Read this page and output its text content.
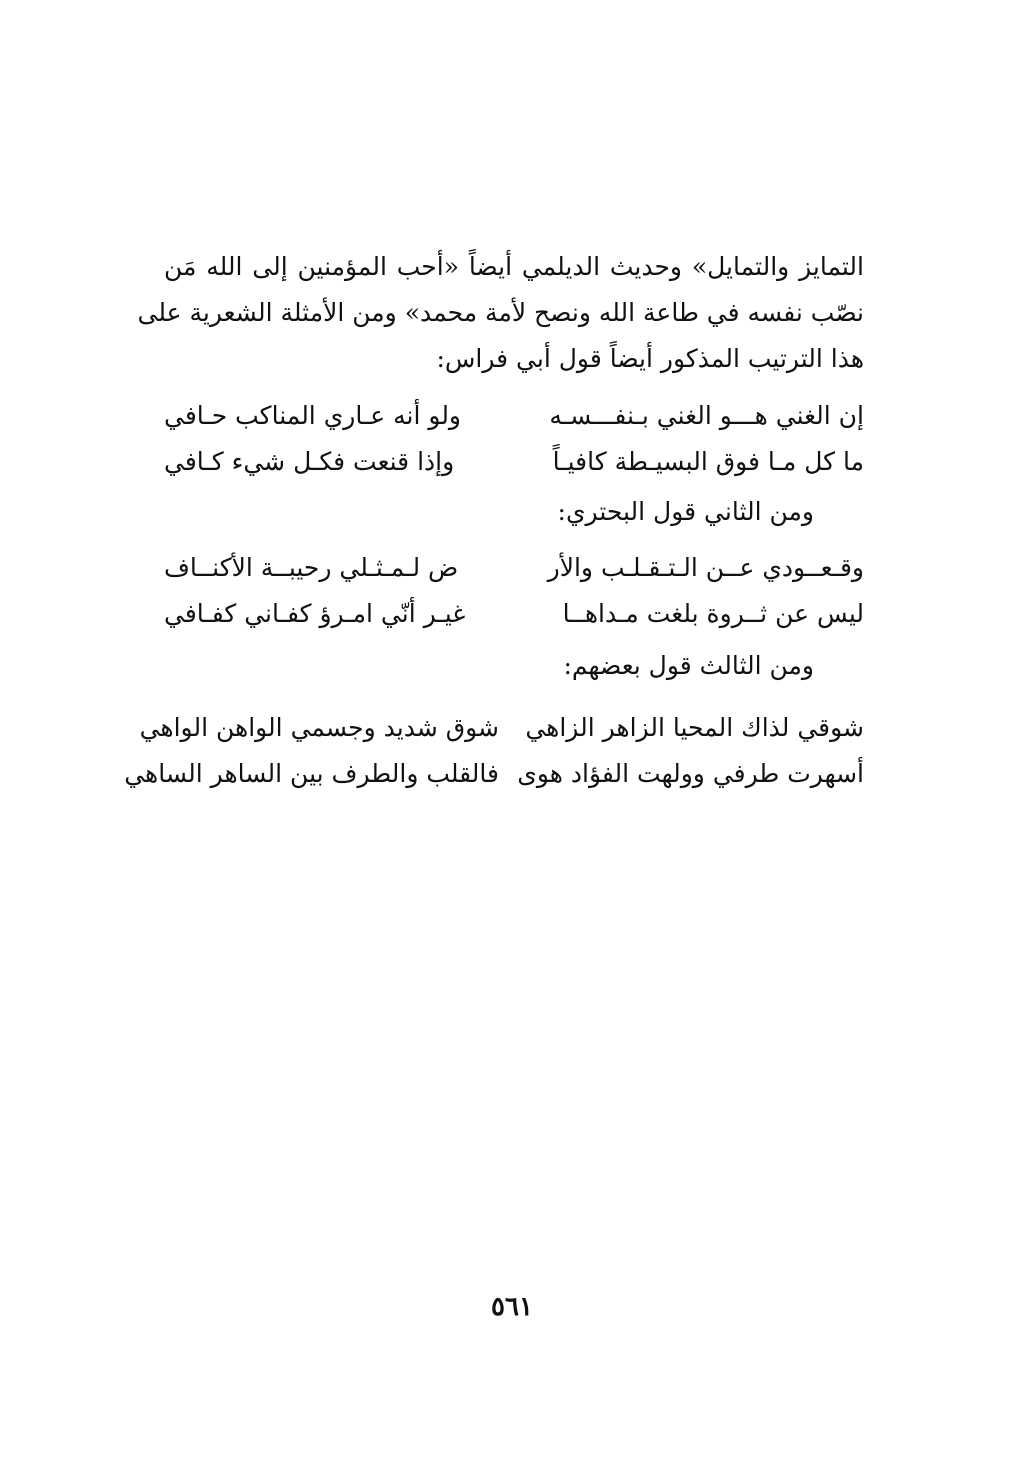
التمايز والتمايل» وحديث الديلمي أيضاً «أحب المؤمنين إلى الله مَن
نصّب نفسه في طاعة الله ونصح لأمة محمد» ومن الأمثلة الشعرية على
هذا الترتيب المذكور أيضاً قول أبي فراس:
إن الغني هـــو الغني بـنفـــسـه
ولو أنه عـاري المناكب حـافي
ما كل مـا فوق البسيـطة كافيـاً
وإذا قنعت فكـل شيء كـافي
ومن الثاني قول البحتري:
وقـعــودي عــن الـتـقـلـب والأر
ض لـمـثـلي رحيبــة الأكنــاف
ليس عن ثــروة بلغت مـداهــا
غيـر أنّي امـرؤ كفـاني كفـافي
ومن الثالث قول بعضهم:
شوقي لذاك المحيا الزاهر الزاهي
شوق شديد وجسمي الواهن الواهي
أسهرت طرفي وولهت الفؤاد هوى
فالقلب والطرف بين الساهر الساهي
٥٦١
